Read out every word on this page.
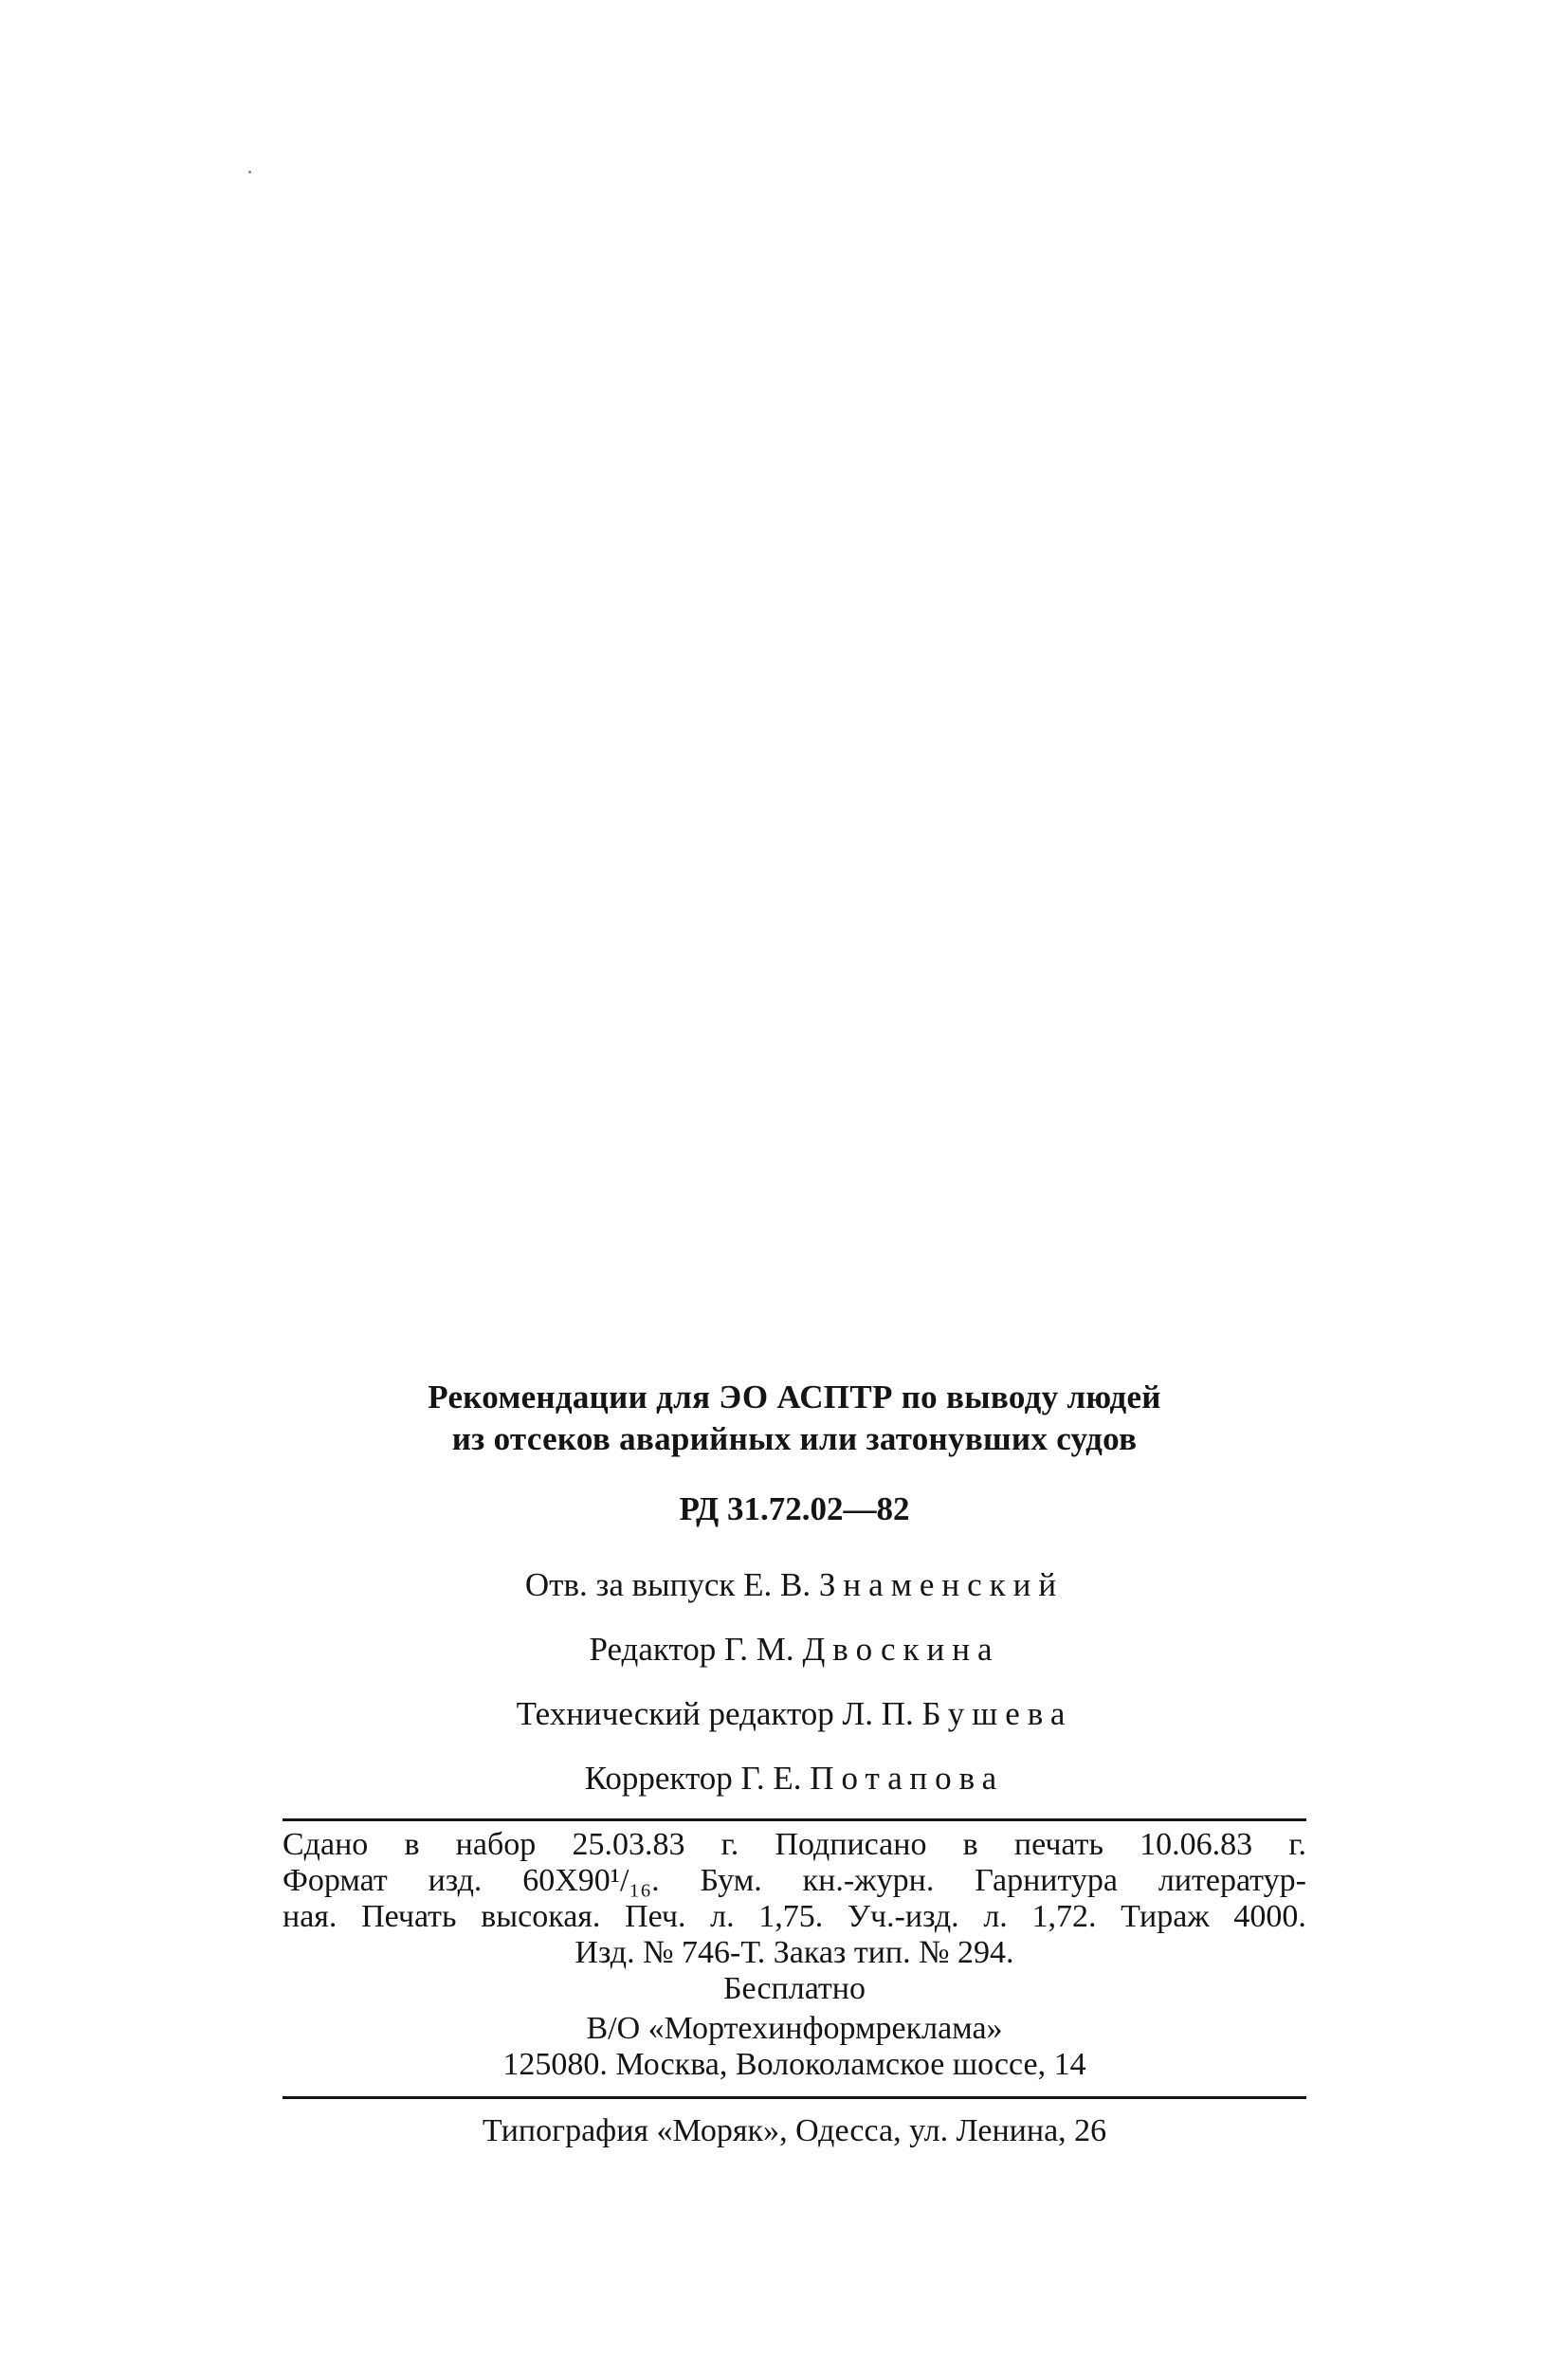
Рекомендации для ЭО АСПТР по выводу людей
из отсеков аварийных или затонувших судов
РД 31.72.02—82
Отв. за выпуск Е. В. Знаменский
Редактор Г. М. Двоскина
Технический редактор Л. П. Бушева
Корректор Г. Е. Потапова
Сдано в набор 25.03.83 г. Подписано в печать 10.06.83 г.
Формат изд. 60Х90¹/₁₆. Бум. кн.-журн. Гарнитура литератур-
ная. Печать высокая. Печ. л. 1,75. Уч.-изд. л. 1,72. Тираж 4000.
Изд. № 746-Т. Заказ тип. № 294.
Бесплатно
В/О «Мортехинформреклама»
125080. Москва, Волоколамское шоссе, 14
Типография «Моряк», Одесса, ул. Ленина, 26
